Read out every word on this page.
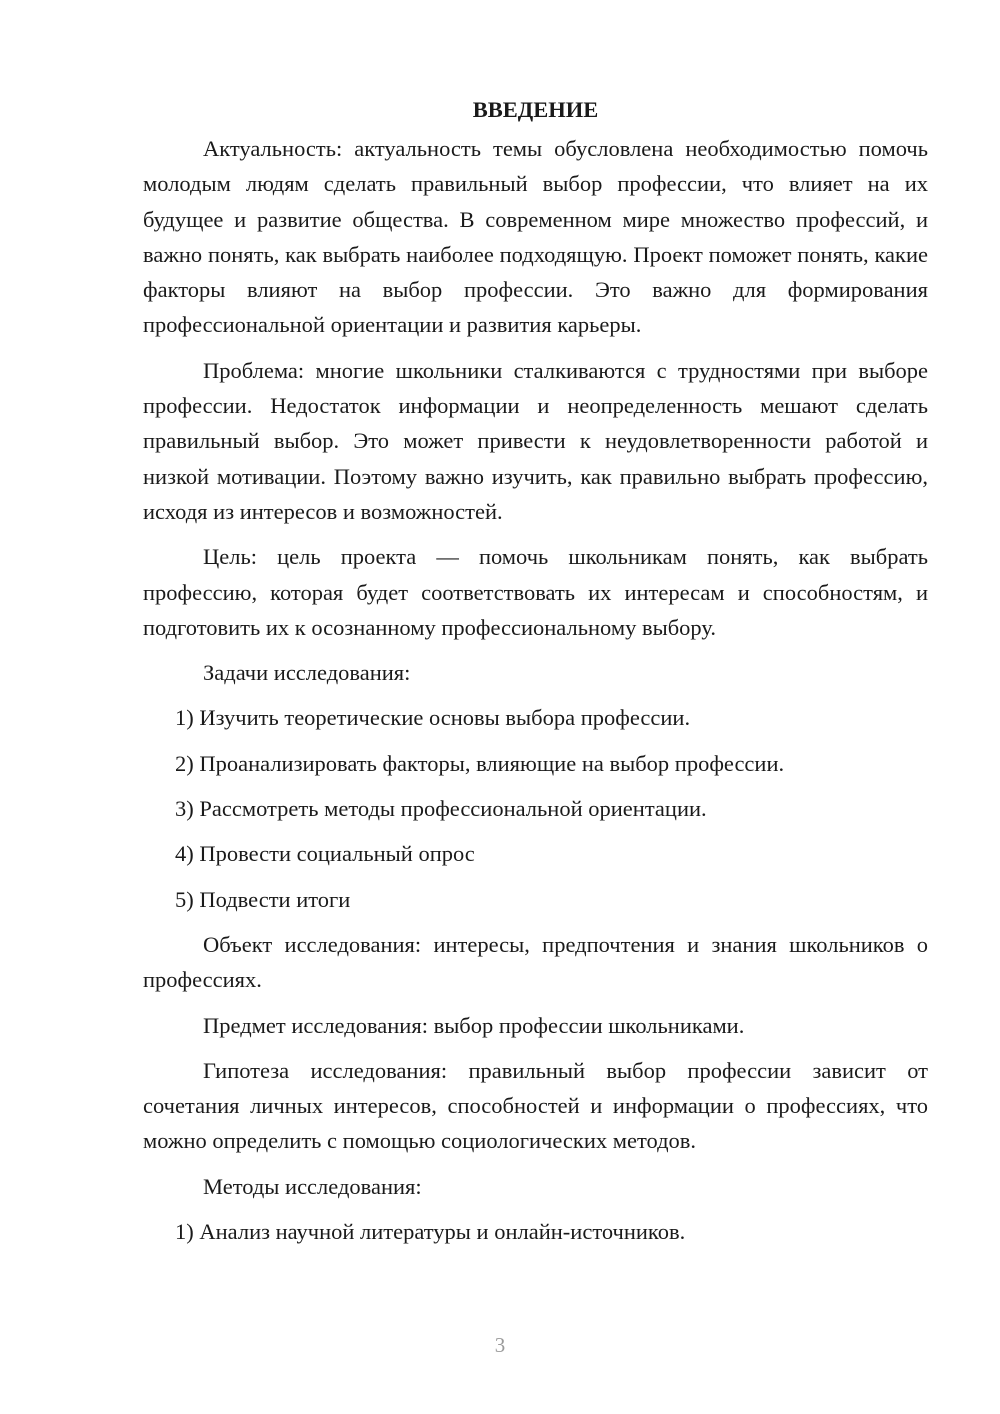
ВВЕДЕНИЕ

Актуальность: актуальность темы обусловлена необходимостью помочь молодым людям сделать правильный выбор профессии, что влияет на их будущее и развитие общества. В современном мире множество профессий, и важно понять, как выбрать наиболее подходящую. Проект поможет понять, какие факторы влияют на выбор профессии. Это важно для формирования профессиональной ориентации и развития карьеры.

Проблема: многие школьники сталкиваются с трудностями при выборе профессии. Недостаток информации и неопределенность мешают сделать правильный выбор. Это может привести к неудовлетворенности работой и низкой мотивации. Поэтому важно изучить, как правильно выбрать профессию, исходя из интересов и возможностей.

Цель: цель проекта — помочь школьникам понять, как выбрать профессию, которая будет соответствовать их интересам и способностям, и подготовить их к осознанному профессиональному выбору.

Задачи исследования:

1) Изучить теоретические основы выбора профессии.

2) Проанализировать факторы, влияющие на выбор профессии.

3) Рассмотреть методы профессиональной ориентации.

4) Провести социальный опрос

5) Подвести итоги

Объект исследования: интересы, предпочтения и знания школьников о профессиях.

Предмет исследования: выбор профессии школьниками.

Гипотеза исследования: правильный выбор профессии зависит от сочетания личных интересов, способностей и информации о профессиях, что можно определить с помощью социологических методов.

Методы исследования:

1) Анализ научной литературы и онлайн-источников.

3
